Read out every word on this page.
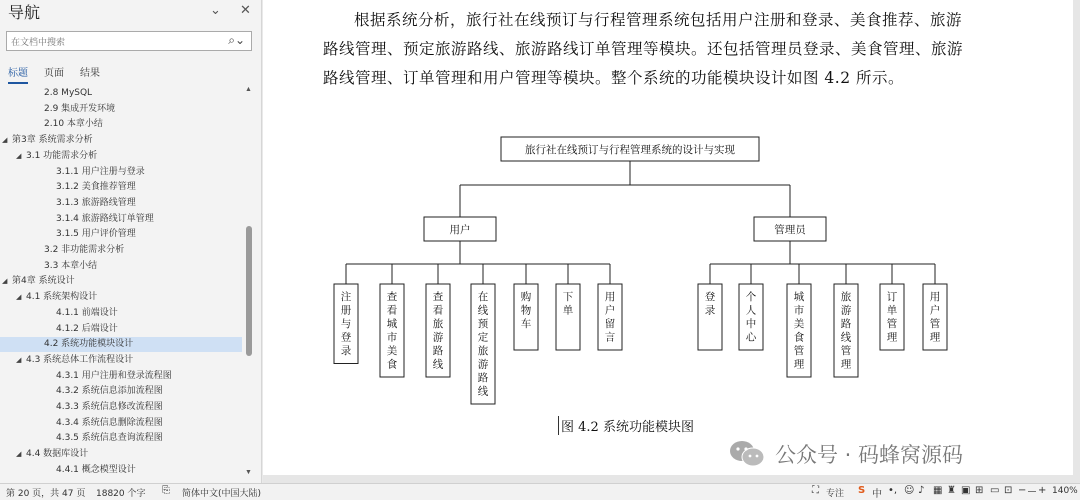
导航	⌄ ✕
在文档中搜索
⌕⌄
标题 页面 结果
2.8 MySQL
2.9 集成开发环境
2.10 本章小结
◢ 第3章 系统需求分析
◢ 3.1 功能需求分析
3.1.1 用户注册与登录
3.1.2 美食推荐管理
3.1.3 旅游路线管理
3.1.4 旅游路线订单管理
3.1.5 用户评价管理
3.2 非功能需求分析
3.3 本章小结
◢ 第4章 系统设计
◢ 4.1 系统架构设计
4.1.1 前端设计
4.1.2 后端设计
4.2 系统功能模块设计
◢ 4.3 系统总体工作流程设计
4.3.1 用户注册和登录流程图
4.3.2 系统信息添加流程图
4.3.3 系统信息修改流程图
4.3.4 系统信息删除流程图
4.3.5 系统信息查询流程图
◢ 4.4 数据库设计
4.4.1 概念模型设计
▲
▼
根据系统分析，旅行社在线预订与行程管理系统包括用户注册和登录、美食推荐、旅游路线管理、预定旅游路线、旅游路线订单管理等模块。还包括管理员登录、美食管理、旅游路线管理、订单管理和用户管理等模块。整个系统的功能模块设计如图 4.2 所示。
旅行社在线预订与行程管理系统的设计与实现
用户
注册与登录
查看城市美食
查看旅游路线
在线预定旅游路线
购物车
下单
用户留言
管理员
登录
个人中心
城市美食管理
旅游路线管理
订单管理
用户管理
图 4.2 系统功能模块图
公众号 · 码蜂窝源码
第 20 页，共 47 页 18820 个字 ⎘ 简体中文(中国大陆)	⛶ 专注 S 中 •, ☺ ♪ ▦ ♜ ▣ ⊞ ▭ ⊡ − + 140%
